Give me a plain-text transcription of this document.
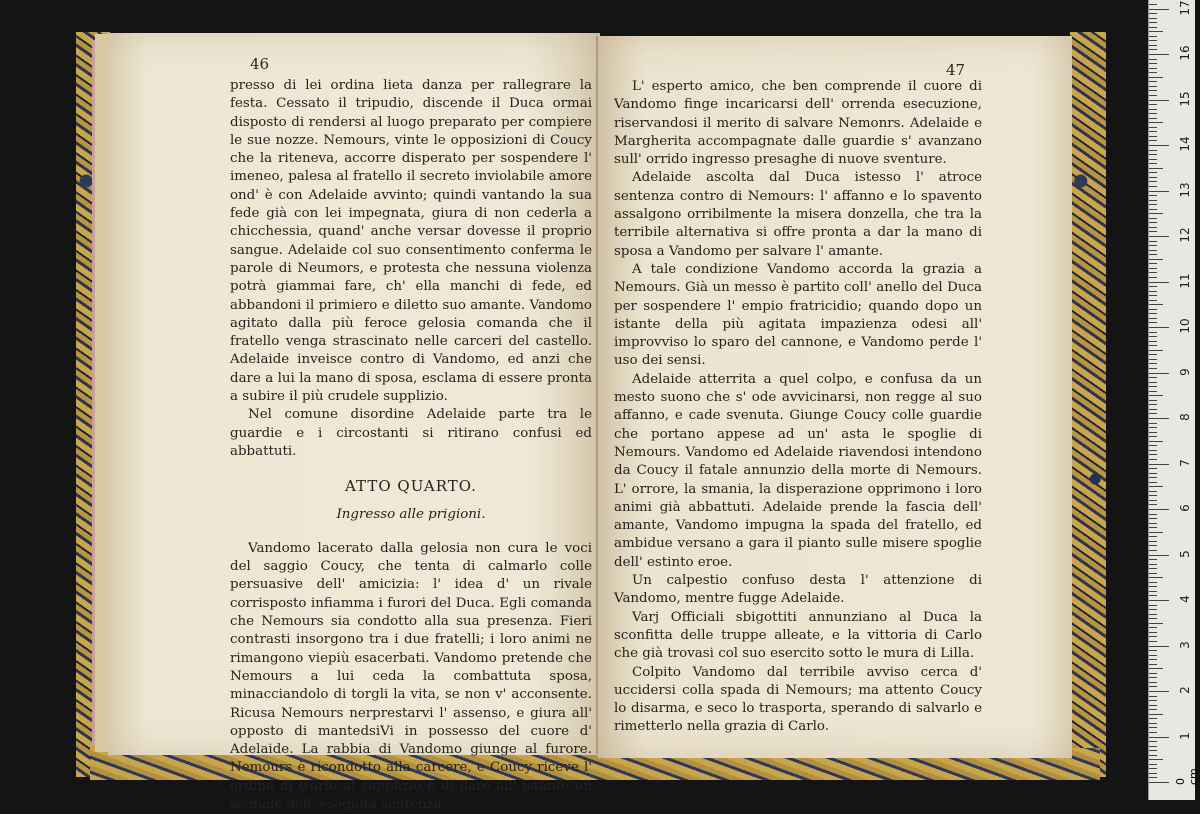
46

presso di lei ordina lieta danza per rallegrare la festa. Cessato il tripudio, discende il Duca ormai disposto di rendersi al luogo preparato per compiere le sue nozze. Nemours, vinte le opposizioni di Coucy che la riteneva, accorre disperato per sospendere l' imeneo, palesa al fratello il secreto inviolabile amore ond' è con Adelaide avvinto; quindi vantando la sua fede già con lei impegnata, giura di non cederla a chicchessia, quand' anche versar dovesse il proprio sangue. Adelaide col suo consentimento conferma le parole di Neumors, e protesta che nessuna violenza potrà giammai fare, ch' ella manchi di fede, ed abbandoni il primiero e diletto suo amante. Vandomo agitato dalla più feroce gelosia comanda che il fratello venga strascinato nelle carceri del castello. Adelaide inveisce contro di Vandomo, ed anzi che dare a lui la mano di sposa, esclama di essere pronta a subire il più crudele supplizio.

Nel comune disordine Adelaide parte tra le guardie e i circostanti si ritirano confusi ed abbattuti.

ATTO QUARTO.
Ingresso alle prigioni.

Vandomo lacerato dalla gelosia non cura le voci del saggio Coucy, che tenta di calmarlo colle persuasive dell' amicizia: l' idea d' un rivale corrisposto infiamma i furori del Duca. Egli comanda che Nemours sia condotto alla sua presenza. Fieri contrasti insorgono tra i due fratelli; i loro animi ne rimangono viepiù esacerbati. Vandomo pretende che Nemours a lui ceda la combattuta sposa, minacciandolo di torgli la vita, se non v' acconsente. Ricusa Nemours nerprestarvi l' assenso, e giura all' opposto di mantedsiVi in possesso del cuore d' Adelaide. La rabbia di Vandomo giunge al furore. Nemours è ricondotto alla carcere, e Coucy riceve l' ordine di trarlo al supplizio e di dare all' istante un segnale dell' eseguita sentenza.

47

L' esperto amico, che ben comprende il cuore di Vandomo finge incaricarsi dell' orrenda esecuzione, riservandosi il merito di salvare Nemonrs. Adelaide e Margherita accompagnate dalle guardie s' avanzano sull' orrido ingresso presaghe di nuove sventure.

Adelaide ascolta dal Duca istesso l' atroce sentenza contro di Nemours: l' affanno e lo spavento assalgono orribilmente la misera donzella, che tra la terribile alternativa si offre pronta a dar la mano di sposa a Vandomo per salvare l' amante.

A tale condizione Vandomo accorda la grazia a Nemours. Già un messo è partito coll' anello del Duca per sospendere l' empio fratricidio; quando dopo un istante della più agitata impazienza odesi all' improvviso lo sparo del cannone, e Vandomo perde l' uso dei sensi.

Adelaide atterrita a quel colpo, e confusa da un mesto suono che s' ode avvicinarsi, non regge al suo affanno, e cade svenuta. Giunge Coucy colle guardie che portano appese ad un' asta le spoglie di Nemours. Vandomo ed Adelaide riavendosi intendono da Coucy il fatale annunzio della morte di Nemours. L' orrore, la smania, la disperazione opprimono i loro animi già abbattuti. Adelaide prende la fascia dell' amante, Vandomo impugna la spada del fratello, ed ambidue versano a gara il pianto sulle misere spoglie dell' estinto eroe.

Un calpestio confuso desta l' attenzione di Vandomo, mentre fugge Adelaide.

Varj Officiali sbigottiti annunziano al Duca la sconfitta delle truppe alleate, e la vittoria di Carlo che già trovasi col suo esercito sotto le mura di Lilla.

Colpito Vandomo dal terribile avviso cerca d' uccidersi colla spada di Nemours; ma attento Coucy lo disarma, e seco lo trasporta, sperando di salvarlo e rimetterlo nella grazia di Carlo.

0 cm
1
2
3
4
5
6
7
8
9
10
11
12
13
14
15
16
17
